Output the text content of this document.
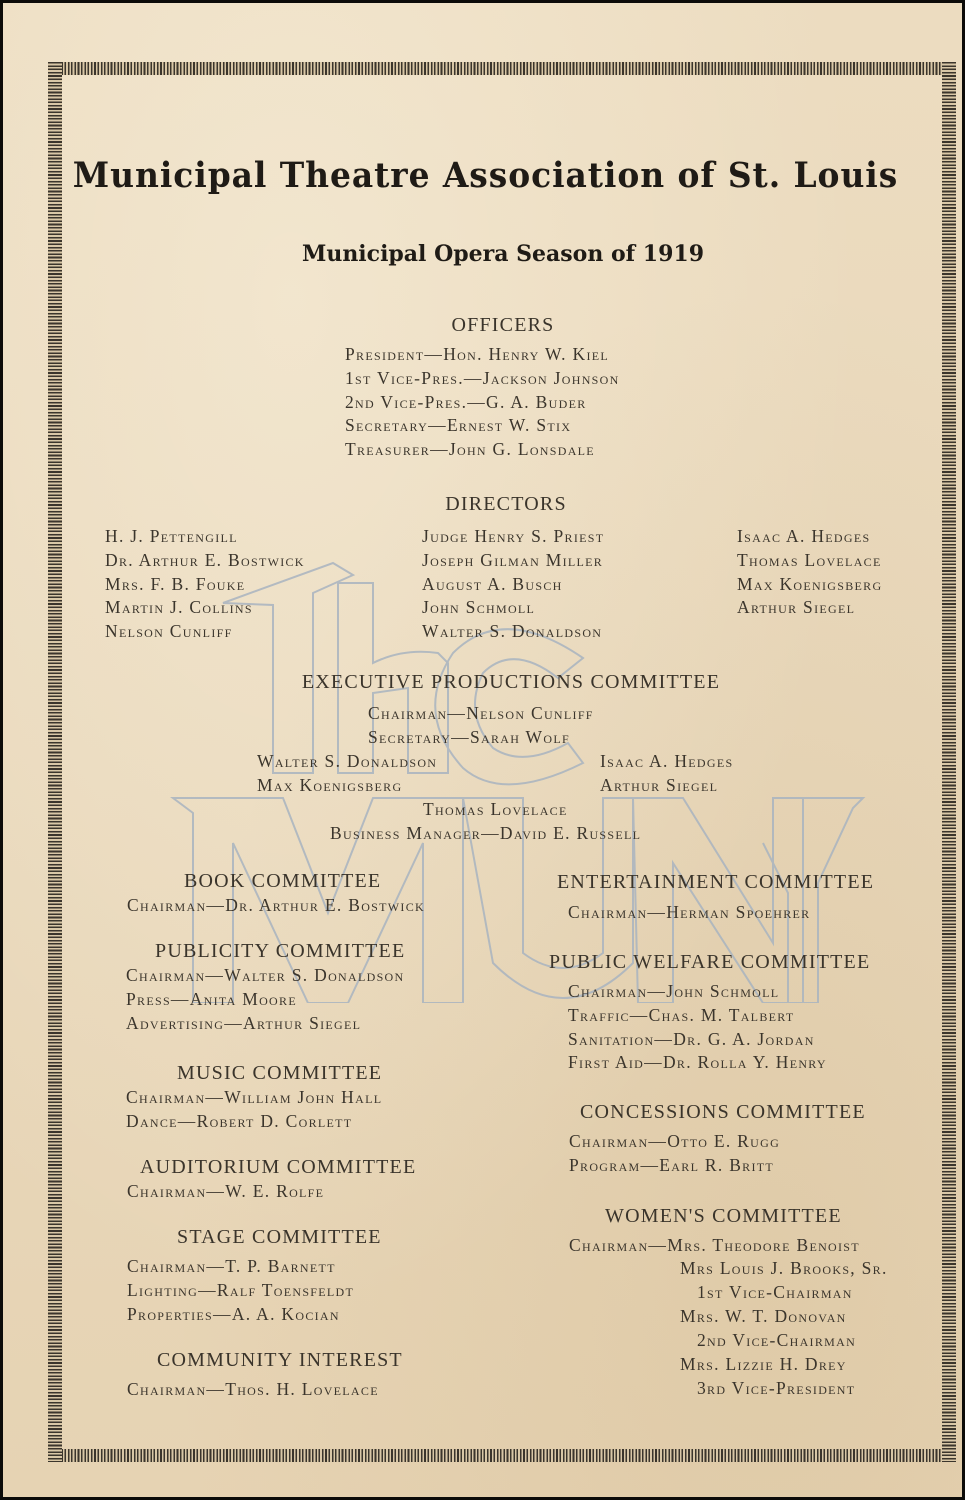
Municipal Theatre Association of St. Louis
Municipal Opera Season of 1919
OFFICERS
President—Hon. Henry W. Kiel
1st Vice-Pres.—Jackson Johnson
2nd Vice-Pres.—G. A. Buder
Secretary—Ernest W. Stix
Treasurer—John G. Lonsdale
DIRECTORS
H. J. Pettengill
Dr. Arthur E. Bostwick
Mrs. F. B. Fouke
Martin J. Collins
Nelson Cunliff
Judge Henry S. Priest
Joseph Gilman Miller
August A. Busch
John Schmoll
Walter S. Donaldson
Isaac A. Hedges
Thomas Lovelace
Max Koenigsberg
Arthur Siegel
EXECUTIVE PRODUCTIONS COMMITTEE
Chairman—Nelson Cunliff
Secretary—Sarah Wolf
Walter S. Donaldson
Max Koenigsberg
Isaac A. Hedges
Arthur Siegel
Thomas Lovelace
Business Manager—David E. Russell
BOOK COMMITTEE
Chairman—Dr. Arthur E. Bostwick
PUBLICITY COMMITTEE
Chairman—Walter S. Donaldson
Press—Anita Moore
Advertising—Arthur Siegel
MUSIC COMMITTEE
Chairman—William John Hall
Dance—Robert D. Corlett
AUDITORIUM COMMITTEE
Chairman—W. E. Rolfe
STAGE COMMITTEE
Chairman—T. P. Barnett
Lighting—Ralf Toensfeldt
Properties—A. A. Kocian
COMMUNITY INTEREST
Chairman—Thos. H. Lovelace
ENTERTAINMENT COMMITTEE
Chairman—Herman Spoehrer
PUBLIC WELFARE COMMITTEE
Chairman—John Schmoll
Traffic—Chas. M. Talbert
Sanitation—Dr. G. A. Jordan
First Aid—Dr. Rolla Y. Henry
CONCESSIONS COMMITTEE
Chairman—Otto E. Rugg
Program—Earl R. Britt
WOMEN'S COMMITTEE
Chairman—Mrs. Theodore Benoist
Mrs Louis J. Brooks, Sr.
1st Vice-Chairman
Mrs. W. T. Donovan
2nd Vice-Chairman
Mrs. Lizzie H. Drey
3rd Vice-President
